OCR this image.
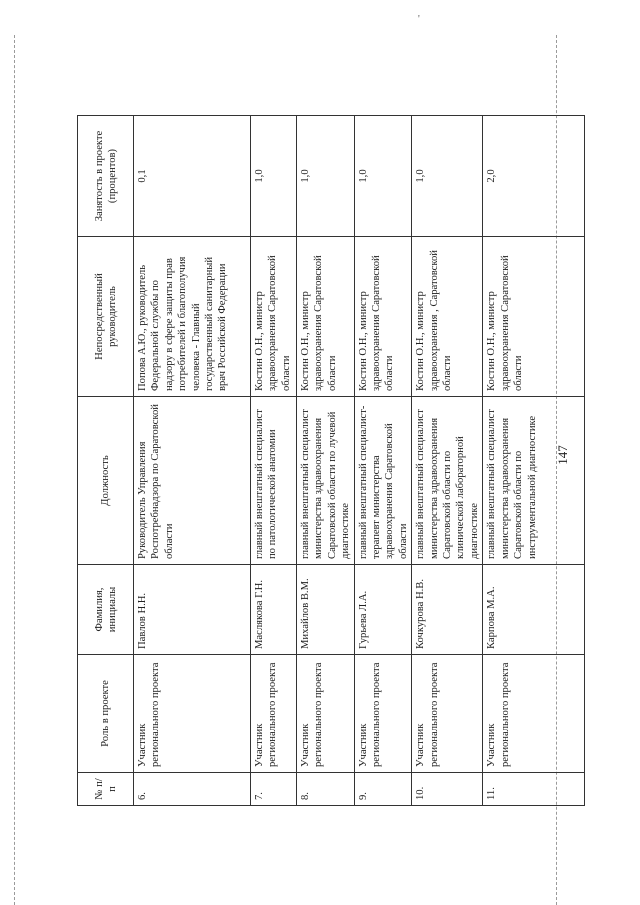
'
№ п/п	Роль в проекте	Фамилия, инициалы	Должность	Непосредственный руководитель	Занятость в проекте (процентов)
6.	Участник регионального проекта	Павлов Н.Н.	Руководитель Управления Роспотребнадзора по Саратовской области	Попова А.Ю., руководитель Федеральной службы по надзору в сфере защиты прав потребителей и благополучия человека - Главный государственный санитарный врач Российской Федерации	0,1
7.	Участник регионального проекта	Маслякова Г.Н.	главный внештатный специалист по патологической анатомии	Костин О.Н., министр здравоохранения Саратовской области	1,0
8.	Участник регионального проекта	Михайлов В.М.	главный внештатный специалист министерства здравоохранения Саратовской области по лучевой диагностике	Костин О.Н., министр здравоохранения Саратовской области	1,0
9.	Участник регионального проекта	Гурьева Л.А.	главный внештатный специалист-терапевт министерства здравоохранения Саратовской области	Костин О.Н., министр здравоохранения Саратовской области	1,0
10.	Участник регионального проекта	Кочкурова Н.В.	главный внештатный специалист министерства здравоохранения Саратовской области по клинической лабораторной диагностике	Костин О.Н., министр здравоохранения , Саратовской области	1,0
11.	Участник регионального проекта	Карпова М.А.	главный внештатный специалист министерства здравоохранения Саратовской области по инструментальной диагностике	Костин О.Н., министр здравоохранения Саратовской области	2,0
147
